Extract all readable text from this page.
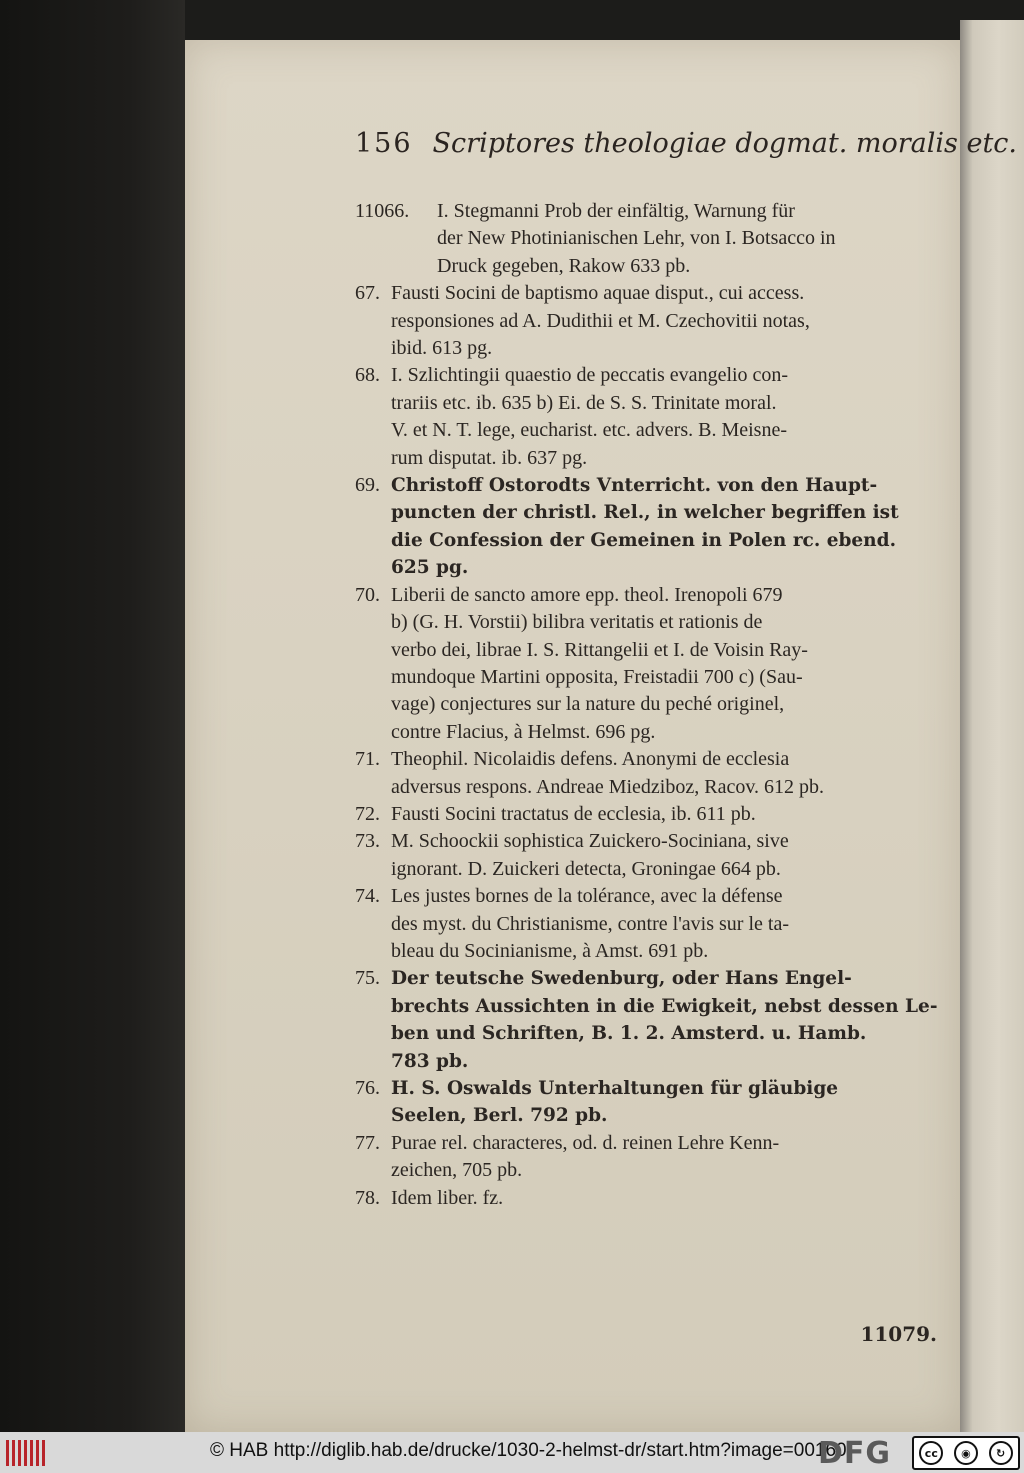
156 Scriptores theologiae dogmat. moralis etc.
11066.	I. Stegmanni Prob der einfältig, Warnung für
der New Photinianischen Lehr, von I. Botsacco in
Druck gegeben, Rakow 633 pb.
67. Fausti Socini de baptismo aquae disput., cui access.
responsiones ad A. Dudithii et M. Czechovitii notas,
ibid. 613 pg.
68. I. Szlichtingii quaestio de peccatis evangelio con-
trariis etc. ib. 635 b) Ei. de S. S. Trinitate moral.
V. et N. T. lege, eucharist. etc. advers. B. Meisne-
rum disputat. ib. 637 pg.
69. Christoff Ostorodts Vnterricht. von den Haupt-
puncten der christl. Rel., in welcher begriffen ist
die Confession der Gemeinen in Polen rc. ebend.
625 pg.
70. Liberii de sancto amore epp. theol. Irenopoli 679
b) (G. H. Vorstii) bilibra veritatis et rationis de
verbo dei, librae I. S. Rittangelii et I. de Voisin Ray-
mundoque Martini opposita, Freistadii 700 c) (Sau-
vage) conjectures sur la nature du peché originel,
contre Flacius, à Helmst. 696 pg.
71. Theophil. Nicolaidis defens. Anonymi de ecclesia
adversus respons. Andreae Miedziboz, Racov. 612 pb.
72. Fausti Socini tractatus de ecclesia, ib. 611 pb.
73. M. Schoockii sophistica Zuickero-Sociniana, sive
ignorant. D. Zuickeri detecta, Groningae 664 pb.
74. Les justes bornes de la tolérance, avec la défense
des myst. du Christianisme, contre l'avis sur le ta-
bleau du Socinianisme, à Amst. 691 pb.
75. Der teutsche Swedenburg, oder Hans Engel-
brechts Aussichten in die Ewigkeit, nebst dessen Le-
ben und Schriften, B. 1. 2. Amsterd. u. Hamb.
783 pb.
76. H. S. Oswalds Unterhaltungen für gläubige
Seelen, Berl. 792 pb.
77. Purae rel. characteres, od. d. reinen Lehre Kenn-
zeichen, 705 pb.
78. Idem liber. fz.
11079.
© HAB http://diglib.hab.de/drucke/1030-2-helmst-dr/start.htm?image=00160
DFG	cc	◉	↻
